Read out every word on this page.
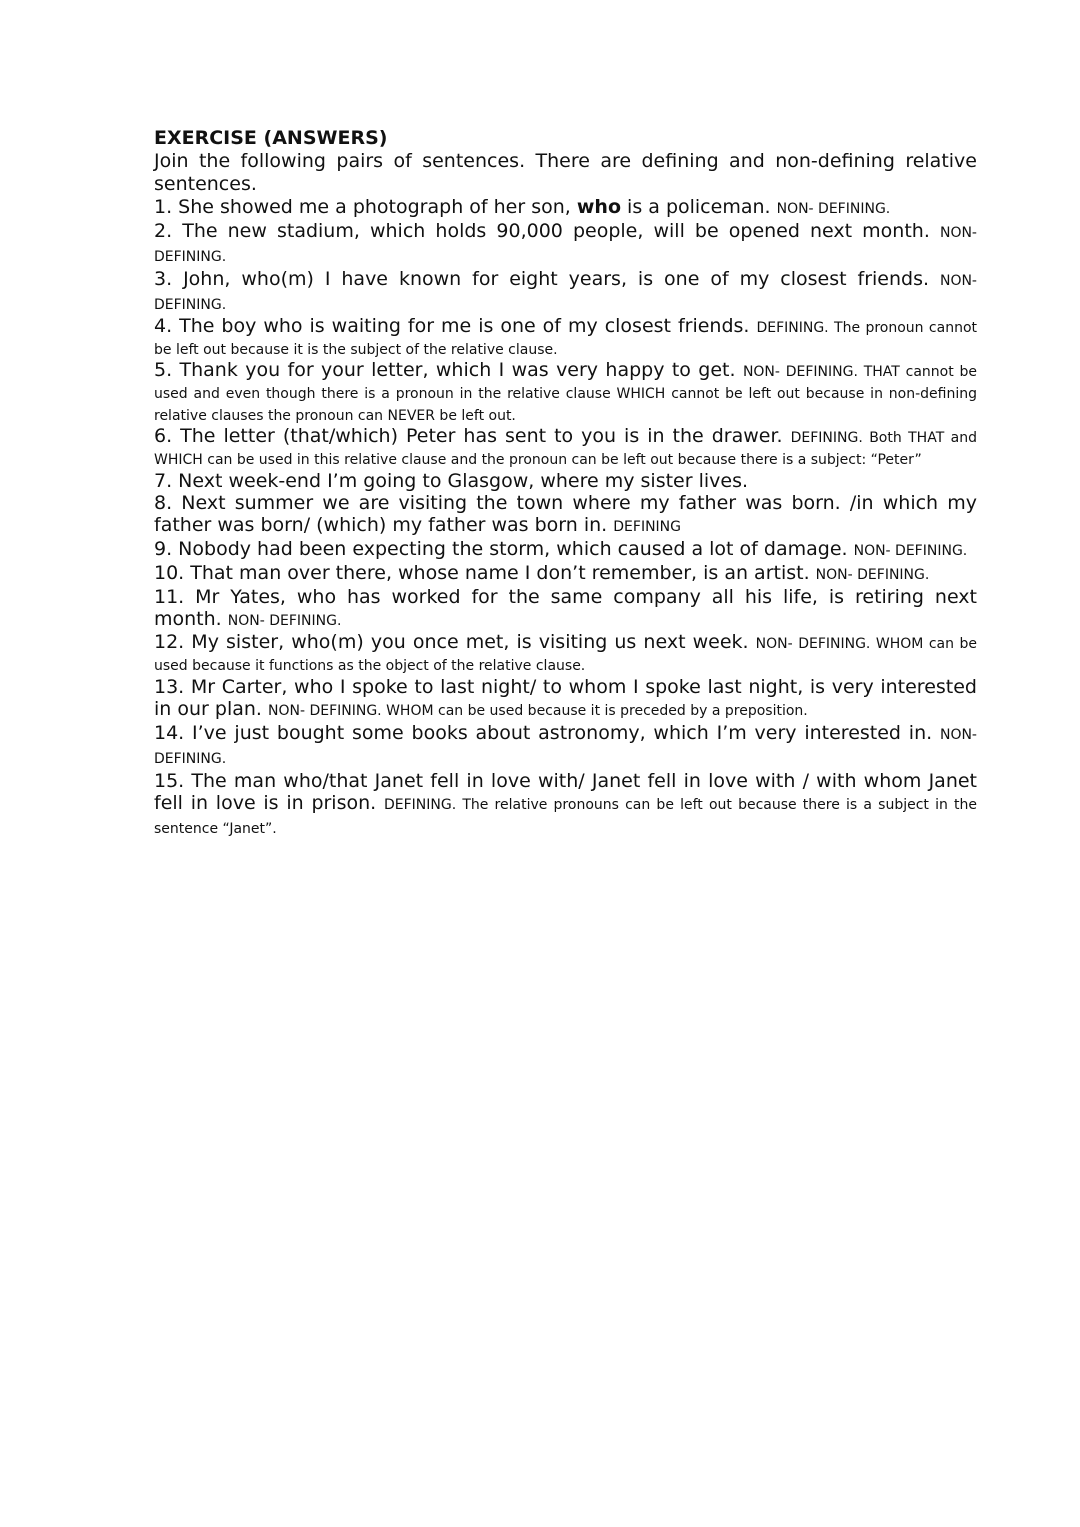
EXERCISE (ANSWERS)

Join the following pairs of sentences. There are defining and non-defining relative sentences.

1. She showed me a photograph of her son, who is a policeman. NON- DEFINING.

2. The new stadium, which holds 90,000 people, will be opened next month. NON- DEFINING.

3. John, who(m) I have known for eight years, is one of my closest friends. NON- DEFINING.

4. The boy who is waiting for me is one of my closest friends. DEFINING. The pronoun cannot be left out because it is the subject of the relative clause.

5. Thank you for your letter, which I was very happy to get. NON- DEFINING. THAT cannot be used and even though there is a pronoun in the relative clause WHICH cannot be left out because in non-defining relative clauses the pronoun can NEVER be left out.

6. The letter (that/which) Peter has sent to you is in the drawer. DEFINING. Both THAT and WHICH can be used in this relative clause and the pronoun can be left out because there is a subject: “Peter”

7. Next week-end I’m going to Glasgow, where my sister lives.

8. Next summer we are visiting the town where my father was born. /in which my father was born/ (which) my father was born in. DEFINING

9. Nobody had been expecting the storm, which caused a lot of damage. NON- DEFINING.

10. That man over there, whose name I don’t remember, is an artist. NON- DEFINING.

11. Mr Yates, who has worked for the same company all his life, is retiring next month. NON- DEFINING.

12. My sister, who(m) you once met, is visiting us next week. NON- DEFINING. WHOM can be used because it functions as the object of the relative clause.

13. Mr Carter, who I spoke to last night/ to whom I spoke last night, is very interested in our plan. NON- DEFINING. WHOM can be used because it is preceded by a preposition.

14. I’ve just bought some books about astronomy, which I’m very interested in. NON-DEFINING.

15. The man who/that Janet fell in love with/ Janet fell in love with / with whom Janet fell in love is in prison. DEFINING. The relative pronouns can be left out because there is a subject in the sentence “Janet”.
